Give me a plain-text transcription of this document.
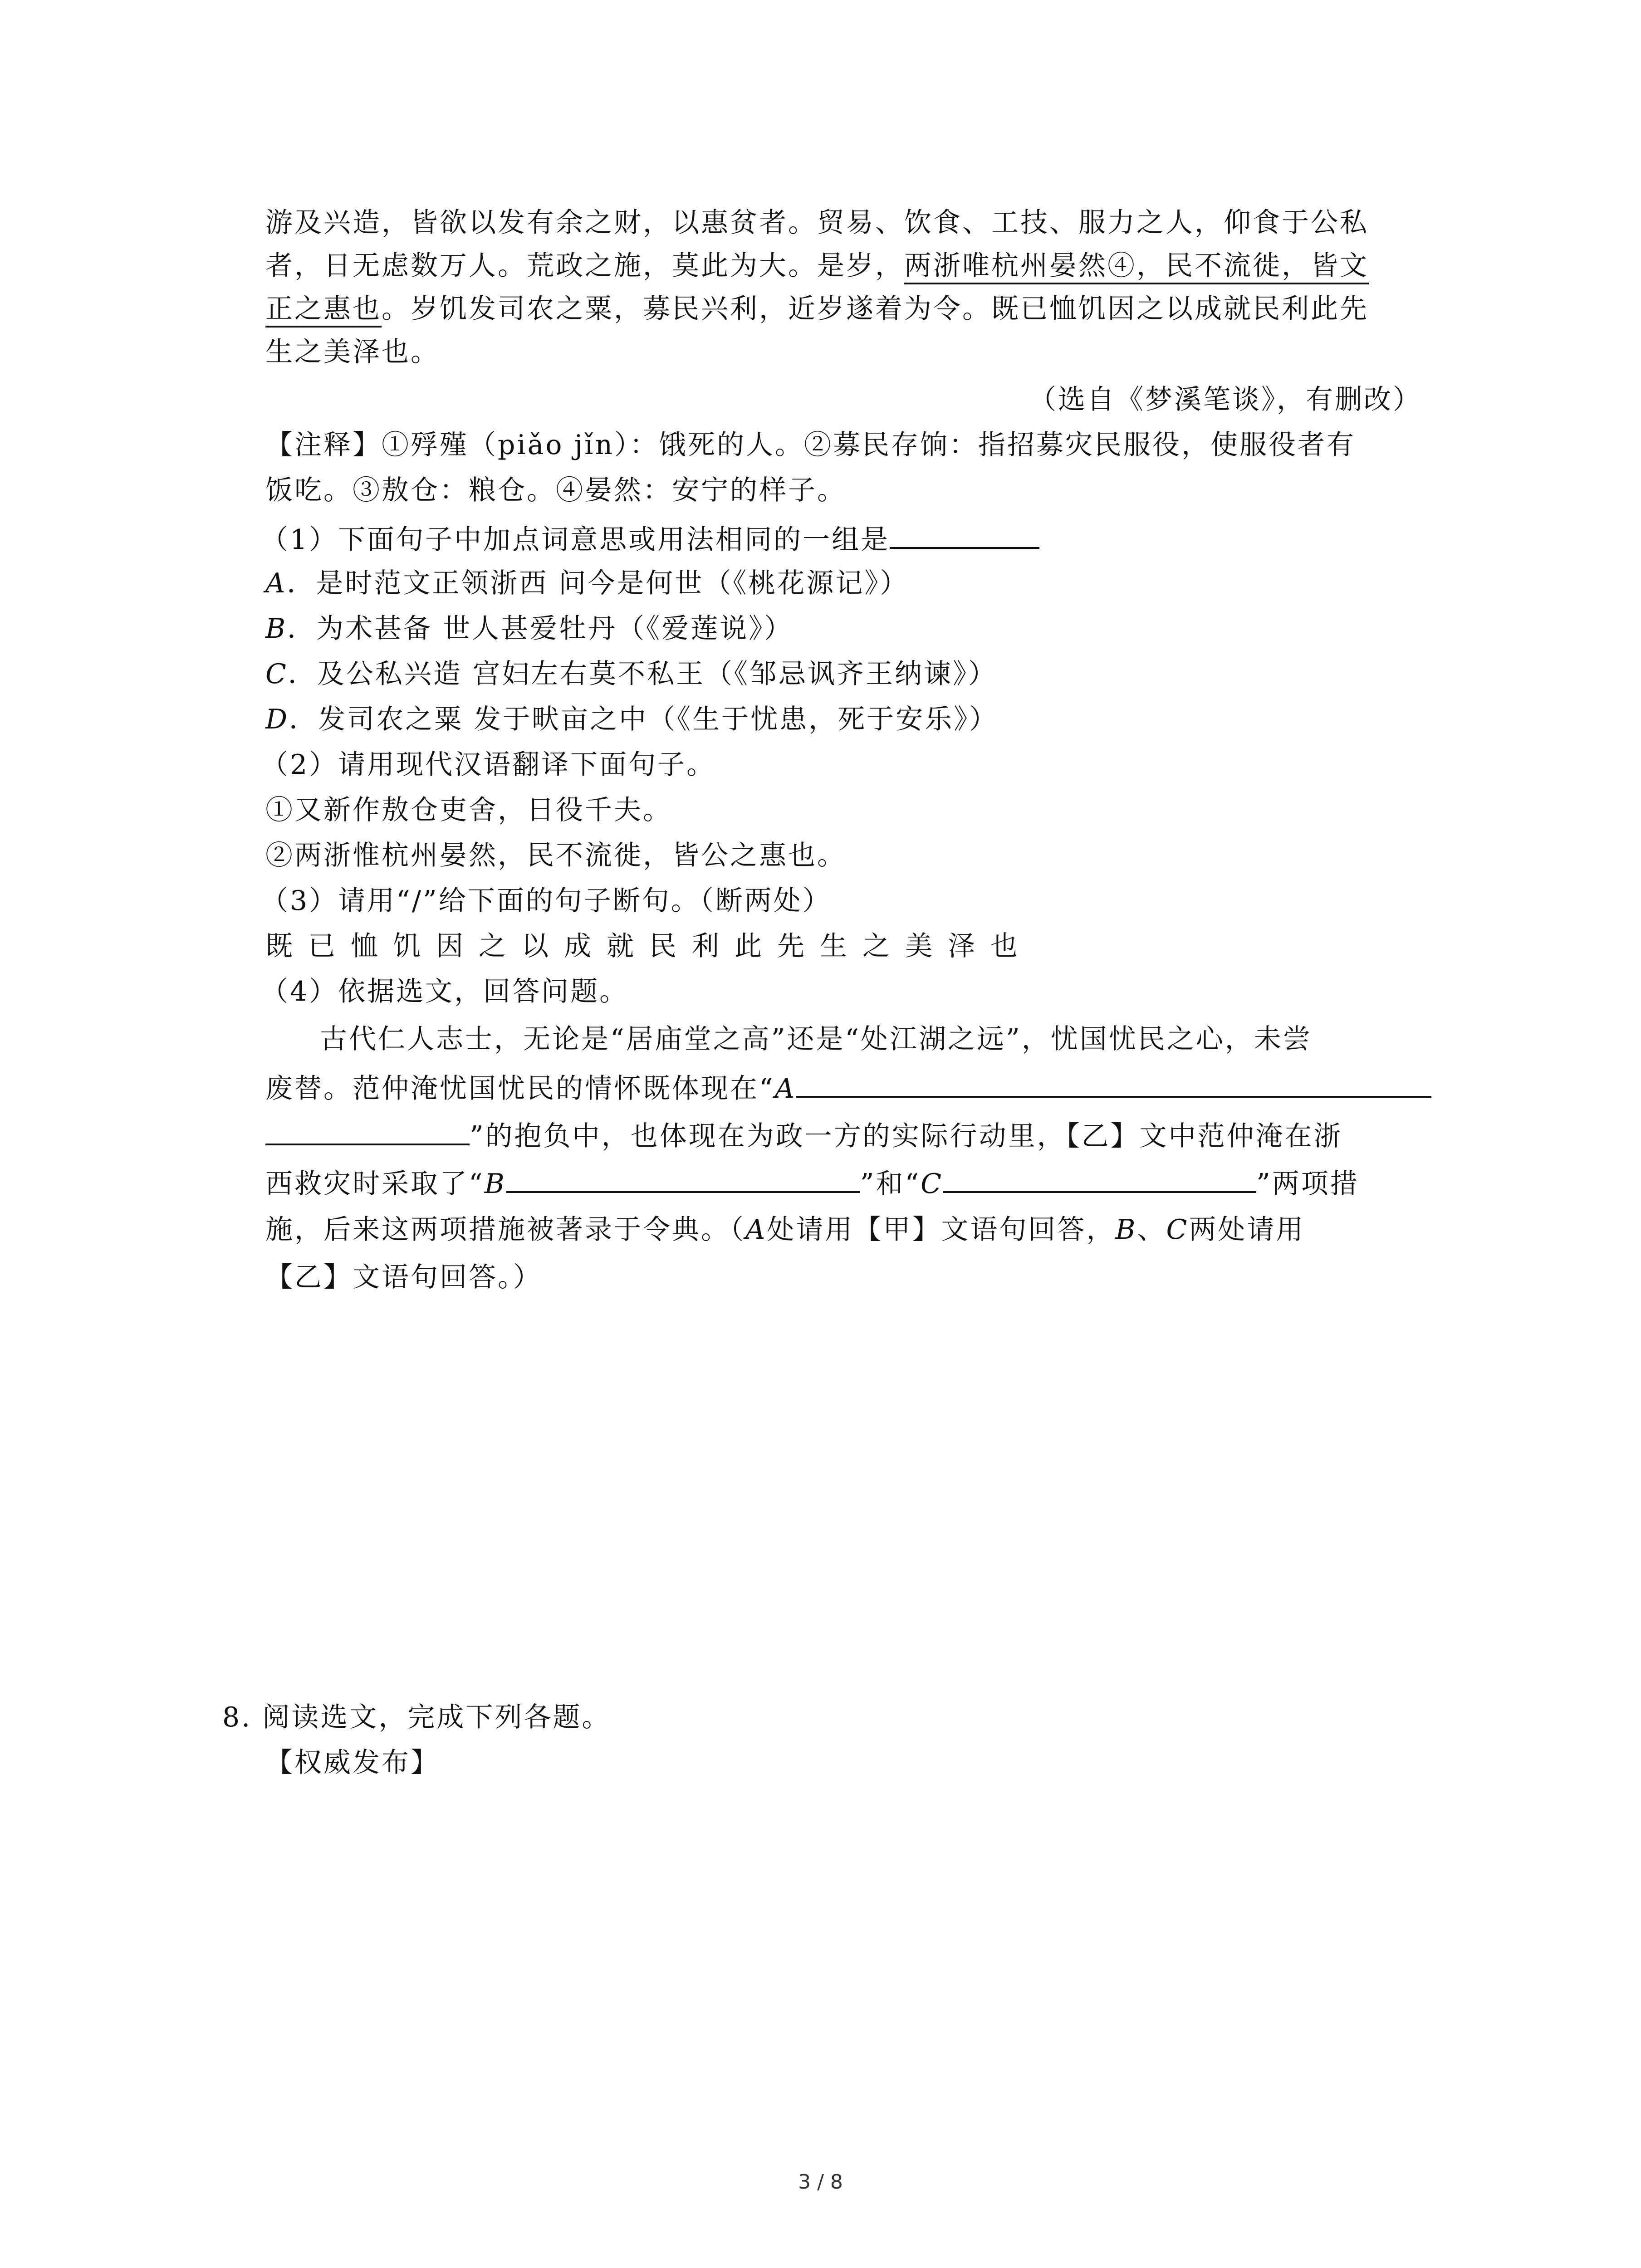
游及兴造，皆欲以发有余之财，以惠贫者。贸易、饮食、工技、服力之人，仰食于公私
者，日无虑数万人。荒政之施，莫此为大。是岁，两浙唯杭州晏然④，民不流徙，皆文
正之惠也。岁饥发司农之粟，募民兴利，近岁遂着为令。既已恤饥因之以成就民利此先
生之美泽也。
（选自《梦溪笔谈》，有删改）
【注释】①殍殣（piǎo jǐn）：饿死的人。②募民存饷：指招募灾民服役，使服役者有
饭吃。③敖仓：粮仓。④晏然：安宁的样子。
（1）下面句子中加点词意思或用法相同的一组是
A．是时范文正领浙西 问今是何世（《桃花源记》）
B．为术甚备 世人甚爱牡丹（《爱莲说》）
C．及公私兴造 宫妇左右莫不私王（《邹忌讽齐王纳谏》）
D．发司农之粟 发于畎亩之中（《生于忧患，死于安乐》）
（2）请用现代汉语翻译下面句子。
①又新作敖仓吏舍，日役千夫。
②两浙惟杭州晏然，民不流徙，皆公之惠也。
（3）请用“/”给下面的句子断句。（断两处）
既已恤饥因之以成就民利此先生之美泽也
（4）依据选文，回答问题。
古代仁人志士，无论是“居庙堂之高”还是“处江湖之远”，忧国忧民之心，未尝
废替。范仲淹忧国忧民的情怀既体现在“A
”的抱负中，也体现在为政一方的实际行动里，【乙】文中范仲淹在浙
西救灾时采取了“B	”和“C	”两项措
施，后来这两项措施被著录于令典。（A处请用【甲】文语句回答，B、C两处请用
【乙】文语句回答。）
8. 阅读选文，完成下列各题。
【权威发布】
3 / 8
